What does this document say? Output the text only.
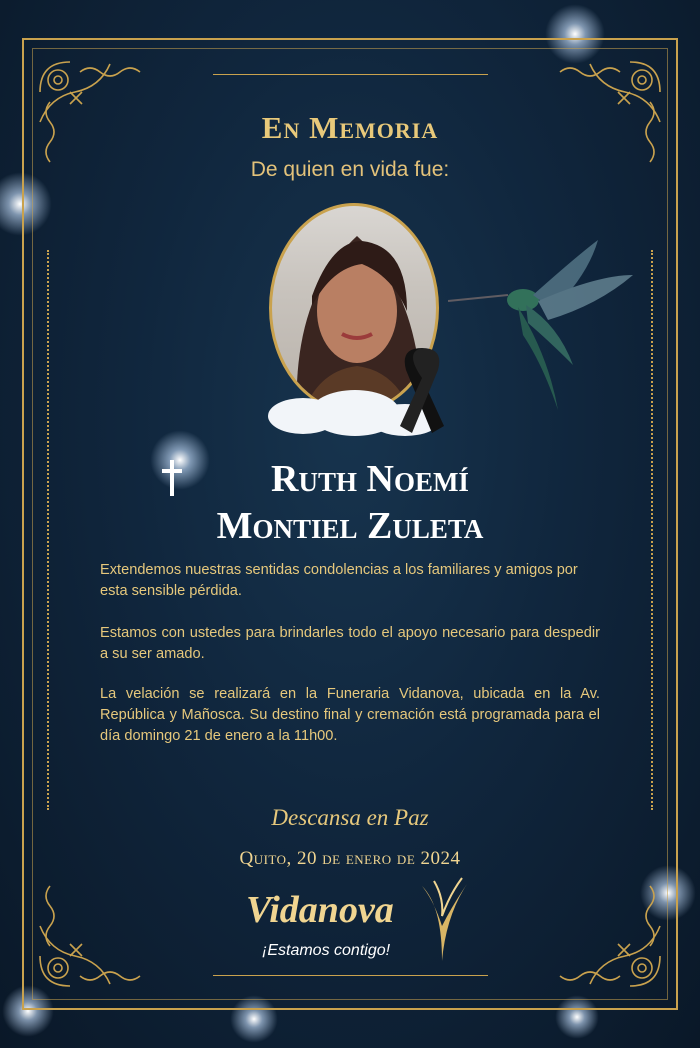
En Memoria

De quien en vida fue:

Ruth Noemí
Montiel Zuleta

Extendemos nuestras sentidas condolencias a los familiares y amigos por esta sensible pérdida.

Estamos con ustedes para brindarles todo el apoyo necesario para despedir a su ser amado.

La velación se realizará en la Funeraria Vidanova, ubicada en la Av. República y Mañosca. Su destino final y cremación está programada para el día domingo 21 de enero a la 11h00.

Descansa en Paz

Quito, 20 de enero de 2024

Vidanova

¡Estamos contigo!
